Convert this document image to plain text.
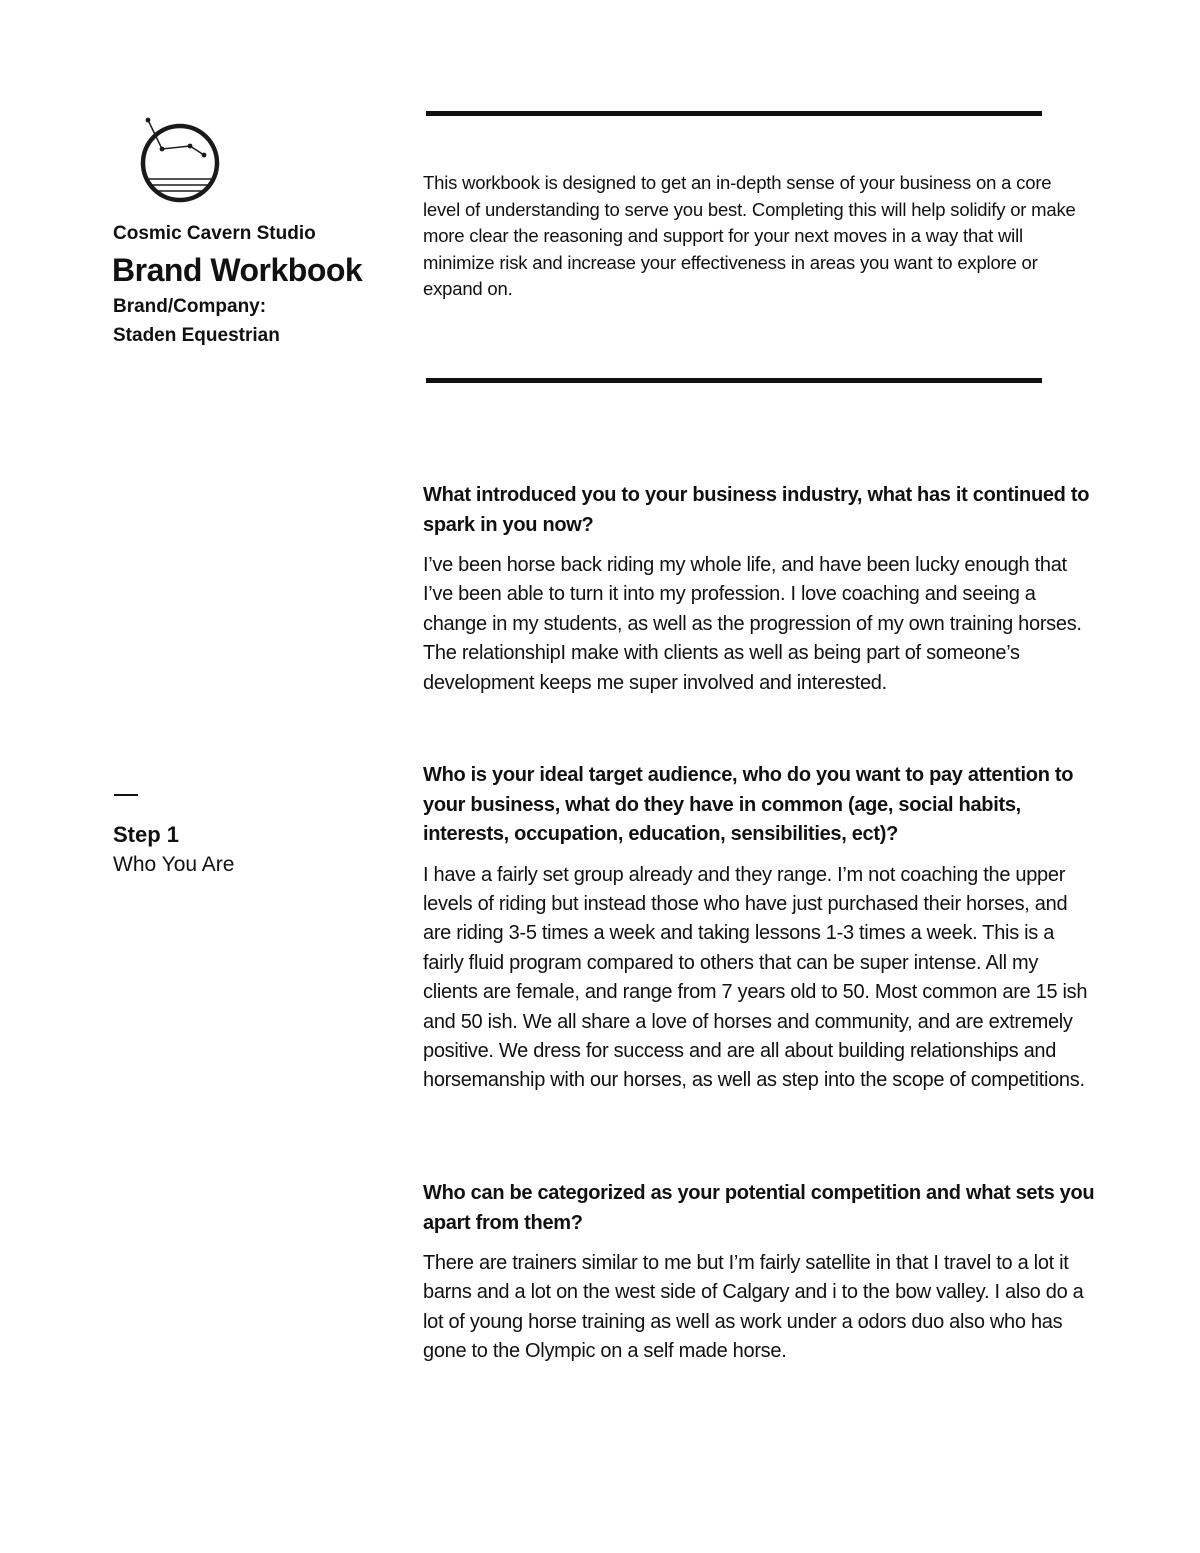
Cosmic Cavern Studio
Brand Workbook
Brand/Company:
Staden Equestrian
This workbook is designed to get an in-depth sense of your business on a core level of understanding to serve you best. Completing this will help solidify or make more clear the reasoning and support for your next moves in a way that will minimize risk and increase your effectiveness in areas you want to explore or expand on.
Step 1
Who You Are

What introduced you to your business industry, what has it continued to spark in you now?

I’ve been horse back riding my whole life, and have been lucky enough that I’ve been able to turn it into my profession. I love coaching and seeing a change in my students, as well as the progression of my own training horses. The relationshipI make with clients as well as being part of someone’s development keeps me super involved and interested.

Who is your ideal target audience, who do you want to pay attention to your business, what do they have in common (age, social habits, interests, occupation, education, sensibilities, ect)?

I have a fairly set group already and they range. I’m not coaching the upper levels of riding but instead those who have just purchased their horses, and are riding 3-5 times a week and taking lessons 1-3 times a week. This is a fairly fluid program compared to others that can be super intense. All my clients are female, and range from 7 years old to 50. Most common are 15 ish and 50 ish. We all share a love of horses and community, and are extremely positive. We dress for success and are all about building relationships and horsemanship with our horses, as well as step into the scope of competitions.

Who can be categorized as your potential competition and what sets you apart from them?

There are trainers similar to me but I’m fairly satellite in that I travel to a lot it barns and a lot on the west side of Calgary and i to the bow valley. I also do a lot of young horse training as well as work under a odors duo also who has gone to the Olympic on a self made horse.
